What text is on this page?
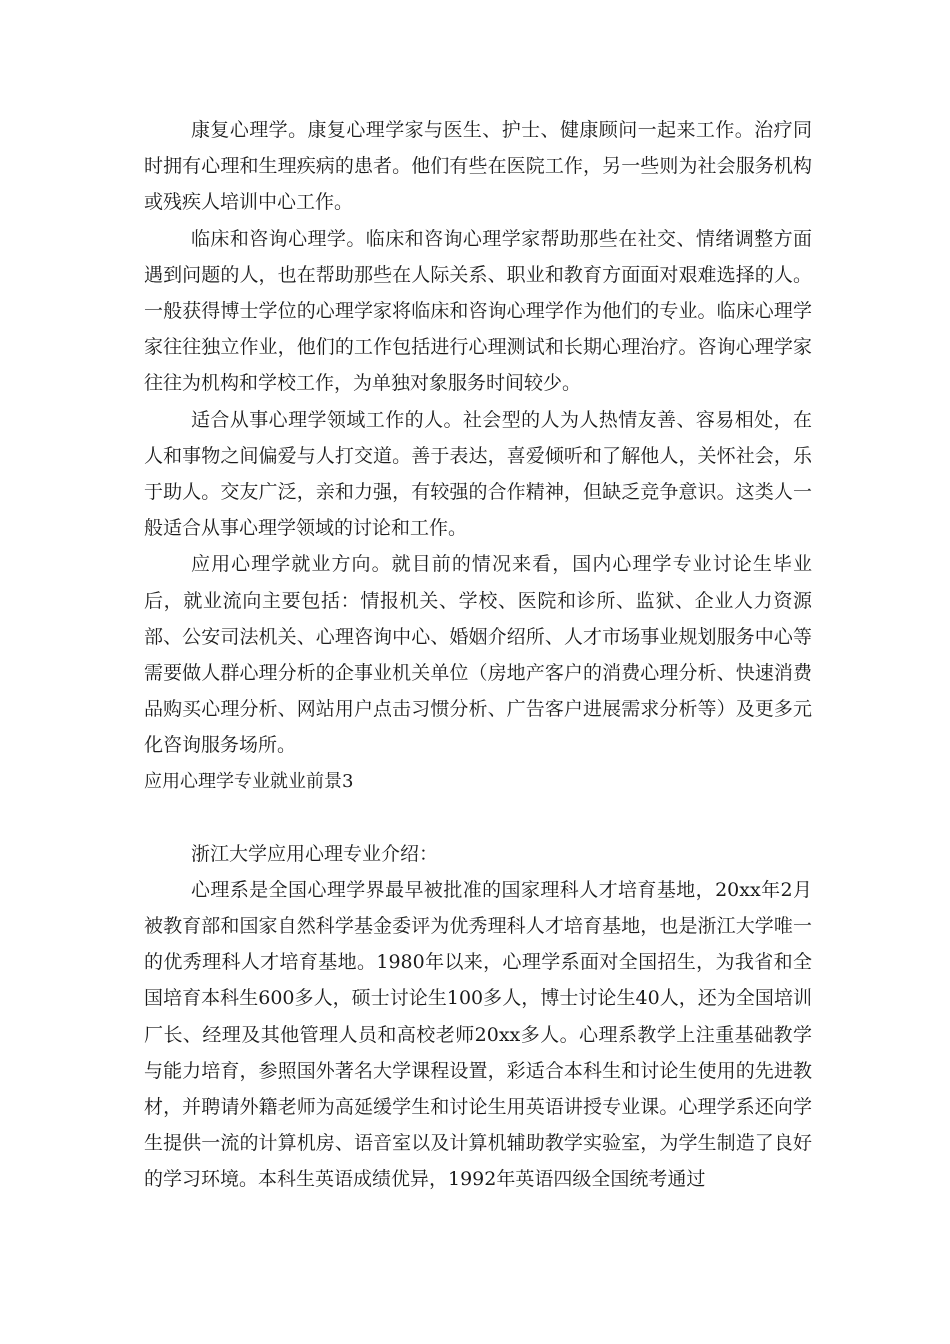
康复心理学。康复心理学家与医生、护士、健康顾问一起来工作。治疗同时拥有心理和生理疾病的患者。他们有些在医院工作，另一些则为社会服务机构或残疾人培训中心工作。

临床和咨询心理学。临床和咨询心理学家帮助那些在社交、情绪调整方面遇到问题的人，也在帮助那些在人际关系、职业和教育方面面对艰难选择的人。一般获得博士学位的心理学家将临床和咨询心理学作为他们的专业。临床心理学家往往独立作业，他们的工作包括进行心理测试和长期心理治疗。咨询心理学家往往为机构和学校工作，为单独对象服务时间较少。

适合从事心理学领域工作的人。社会型的人为人热情友善、容易相处，在人和事物之间偏爱与人打交道。善于表达，喜爱倾听和了解他人，关怀社会，乐于助人。交友广泛，亲和力强，有较强的合作精神，但缺乏竞争意识。这类人一般适合从事心理学领域的讨论和工作。

应用心理学就业方向。就目前的情况来看，国内心理学专业讨论生毕业后，就业流向主要包括：情报机关、学校、医院和诊所、监狱、企业人力资源部、公安司法机关、心理咨询中心、婚姻介绍所、人才市场事业规划服务中心等需要做人群心理分析的企事业机关单位（房地产客户的消费心理分析、快速消费品购买心理分析、网站用户点击习惯分析、广告客户进展需求分析等）及更多元化咨询服务场所。

应用心理学专业就业前景3

浙江大学应用心理专业介绍：

心理系是全国心理学界最早被批准的国家理科人才培育基地，20xx年2月被教育部和国家自然科学基金委评为优秀理科人才培育基地，也是浙江大学唯一的优秀理科人才培育基地。1980年以来，心理学系面对全国招生，为我省和全国培育本科生600多人，硕士讨论生100多人，博士讨论生40人，还为全国培训厂长、经理及其他管理人员和高校老师20xx多人。心理系教学上注重基础教学与能力培育，参照国外著名大学课程设置，彩适合本科生和讨论生使用的先进教材，并聘请外籍老师为高延缓学生和讨论生用英语讲授专业课。心理学系还向学生提供一流的计算机房、语音室以及计算机辅助教学实验室，为学生制造了良好的学习环境。本科生英语成绩优异，1992年英语四级全国统考通过
